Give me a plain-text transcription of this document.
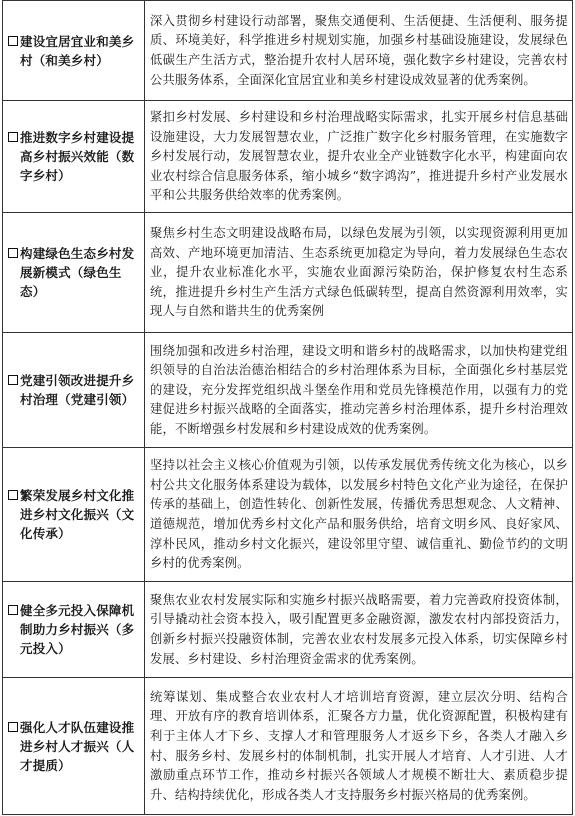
建设宜居宜业和美乡村（和美乡村）	深入贯彻乡村建设行动部署，聚焦交通便利、生活便捷、生活便利、服务提质、环境美好，科学推进乡村规划实施，加强乡村基础设施建设，发展绿色低碳生产生活方式，整治提升农村人居环境，强化数字乡村建设，完善农村公共服务体系，全面深化宜居宜业和美乡村建设成效显著的优秀案例。

推进数字乡村建设提高乡村振兴效能（数字乡村）	紧扣乡村发展、乡村建设和乡村治理战略实际需求，扎实开展乡村信息基础设施建设，大力发展智慧农业，广泛推广数字化乡村服务管理，在实施数字乡村发展行动，发展智慧农业，提升农业全产业链数字化水平，构建面向农业农村综合信息服务体系，缩小城乡“数字鸿沟”，推进提升乡村产业发展水平和公共服务供给效率的优秀案例。

构建绿色生态乡村发展新模式（绿色生态）	聚焦乡村生态文明建设战略布局，以绿色发展为引领，以实现资源利用更加高效、产地环境更加清洁、生态系统更加稳定为导向，着力发展绿色生态农业，提升农业标准化水平，实施农业面源污染防治，保护修复农村生态系统，推进提升乡村生产生活方式绿色低碳转型，提高自然资源利用效率，实现人与自然和谐共生的优秀案例

党建引领改进提升乡村治理（党建引领）	围绕加强和改进乡村治理，建设文明和谐乡村的战略需求，以加快构建党组织领导的自治法治德治相结合的乡村治理体系为目标，全面强化乡村基层党的建设，充分发挥党组织战斗堡垒作用和党员先锋模范作用，以强有力的党建促进乡村振兴战略的全面落实，推动完善乡村治理体系，提升乡村治理效能，不断增强乡村发展和乡村建设成效的优秀案例。

繁荣发展乡村文化推进乡村文化振兴（文化传承）	坚持以社会主义核心价值观为引领，以传承发展优秀传统文化为核心，以乡村公共文化服务体系建设为载体，以发展乡村特色文化产业为途径，在保护传承的基础上，创造性转化、创新性发展，传播优秀思想观念、人文精神、道德规范，增加优秀乡村文化产品和服务供给，培育文明乡风、良好家风、淳朴民风，推动乡村文化振兴，建设邻里守望、诚信重礼、勤俭节约的文明乡村的优秀案例。

健全多元投入保障机制助力乡村振兴（多元投入）	聚焦农业农村发展实际和实施乡村振兴战略需要，着力完善政府投资体制，引导撬动社会资本投入，吸引配置更多金融资源，激发农村内部投资活力，创新乡村振兴投融资体制，完善农业农村发展多元投入体系，切实保障乡村发展、乡村建设、乡村治理资金需求的优秀案例。

强化人才队伍建设推进乡村人才振兴（人才提质）	统筹谋划、集成整合农业农村人才培训培育资源，建立层次分明、结构合理、开放有序的教育培训体系，汇聚各方力量，优化资源配置，积极构建有利于主体人才下乡、支撑人才和管理服务人才返乡下乡，各类人才融入乡村、服务乡村、发展乡村的体制机制，扎实开展人才培育、人才引进、人才激励重点环节工作，推动乡村振兴各领域人才规模不断壮大、素质稳步提升、结构持续优化，形成各类人才支持服务乡村振兴格局的优秀案例。
